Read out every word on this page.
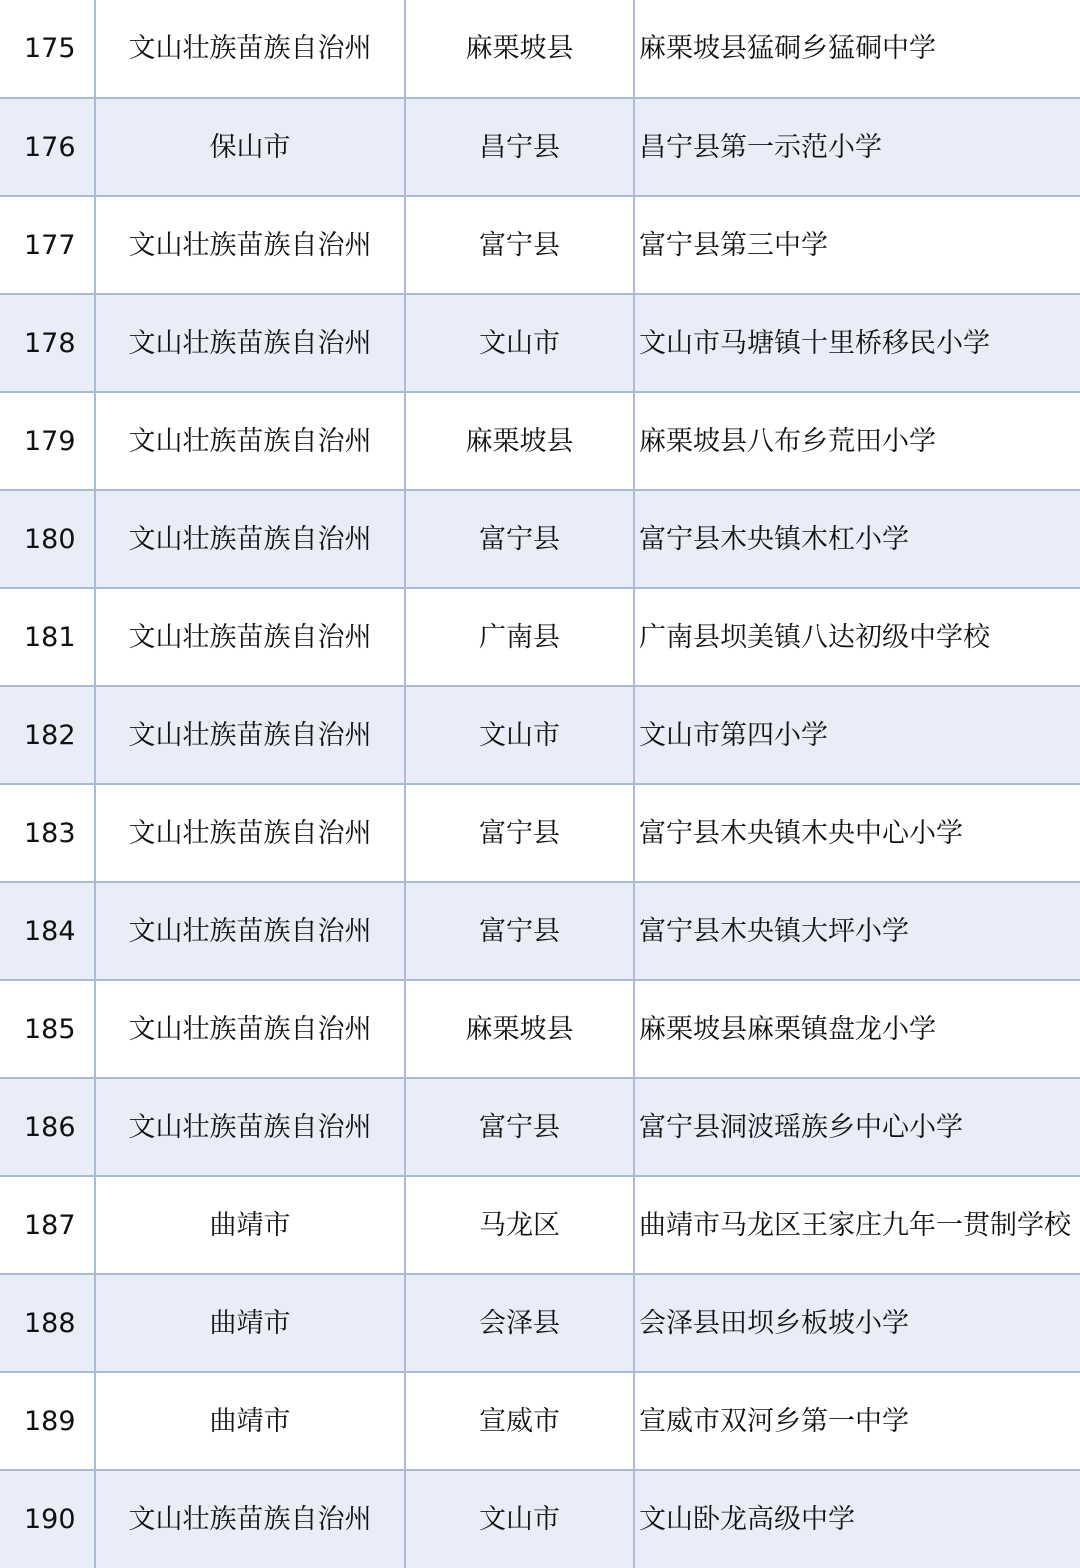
175	文山壮族苗族自治州	麻栗坡县	麻栗坡县猛硐乡猛硐中学
176	保山市	昌宁县	昌宁县第一示范小学
177	文山壮族苗族自治州	富宁县	富宁县第三中学
178	文山壮族苗族自治州	文山市	文山市马塘镇十里桥移民小学
179	文山壮族苗族自治州	麻栗坡县	麻栗坡县八布乡荒田小学
180	文山壮族苗族自治州	富宁县	富宁县木央镇木杠小学
181	文山壮族苗族自治州	广南县	广南县坝美镇八达初级中学校
182	文山壮族苗族自治州	文山市	文山市第四小学
183	文山壮族苗族自治州	富宁县	富宁县木央镇木央中心小学
184	文山壮族苗族自治州	富宁县	富宁县木央镇大坪小学
185	文山壮族苗族自治州	麻栗坡县	麻栗坡县麻栗镇盘龙小学
186	文山壮族苗族自治州	富宁县	富宁县洞波瑶族乡中心小学
187	曲靖市	马龙区	曲靖市马龙区王家庄九年一贯制学校
188	曲靖市	会泽县	会泽县田坝乡板坡小学
189	曲靖市	宣威市	宣威市双河乡第一中学
190	文山壮族苗族自治州	文山市	文山卧龙高级中学
